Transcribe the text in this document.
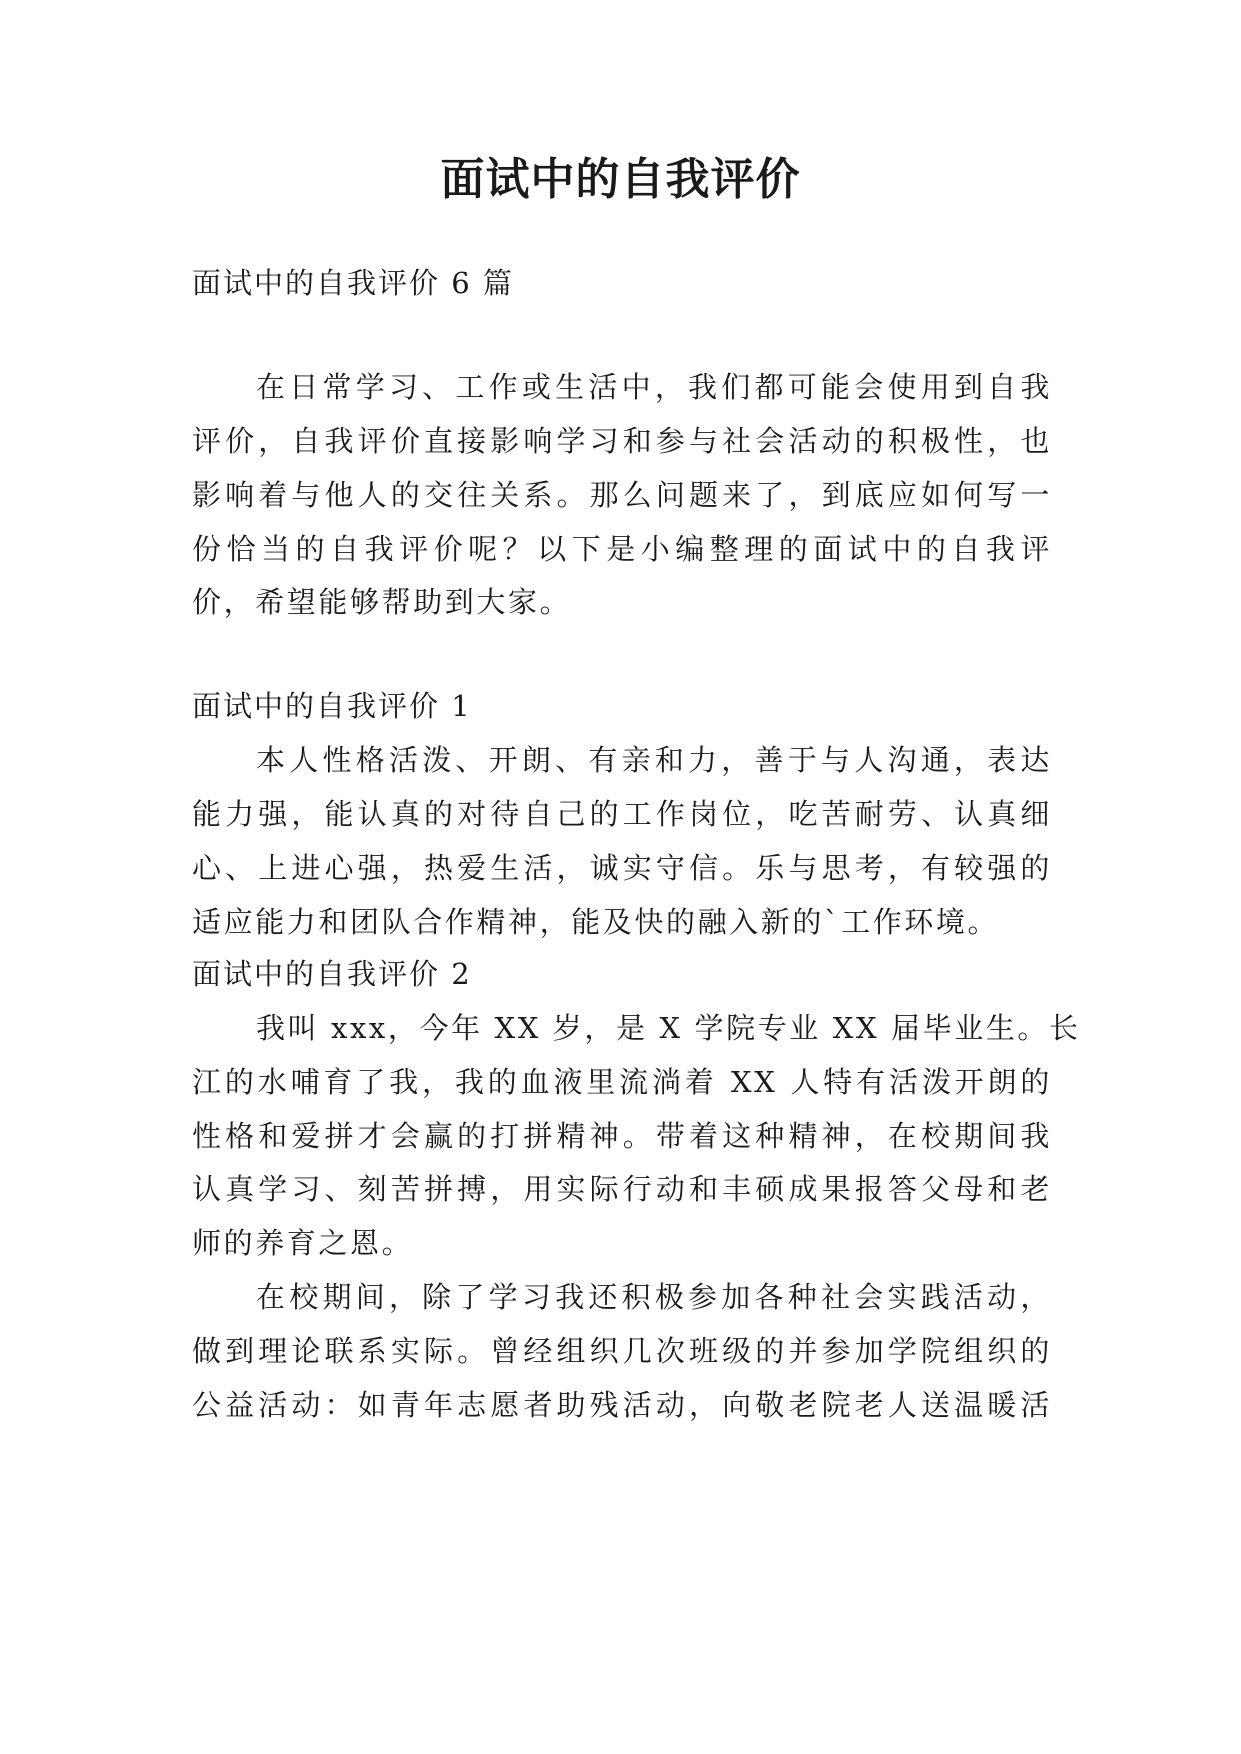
面试中的自我评价
面试中的自我评价 6 篇
在日常学习、工作或生活中，我们都可能会使用到自我
评价，自我评价直接影响学习和参与社会活动的积极性，也
影响着与他人的交往关系。那么问题来了，到底应如何写一
份恰当的自我评价呢？以下是小编整理的面试中的自我评
价，希望能够帮助到大家。
面试中的自我评价 1
本人性格活泼、开朗、有亲和力，善于与人沟通，表达
能力强，能认真的对待自己的工作岗位，吃苦耐劳、认真细
心、上进心强，热爱生活，诚实守信。乐与思考，有较强的
适应能力和团队合作精神，能及快的融入新的`工作环境。
面试中的自我评价 2
我叫 xxx，今年 XX 岁，是 X 学院专业 XX 届毕业生。长
江的水哺育了我，我的血液里流淌着 XX 人特有活泼开朗的
性格和爱拼才会赢的打拼精神。带着这种精神，在校期间我
认真学习、刻苦拼搏，用实际行动和丰硕成果报答父母和老
师的养育之恩。
在校期间，除了学习我还积极参加各种社会实践活动，
做到理论联系实际。曾经组织几次班级的并参加学院组织的
公益活动：如青年志愿者助残活动，向敬老院老人送温暖活
